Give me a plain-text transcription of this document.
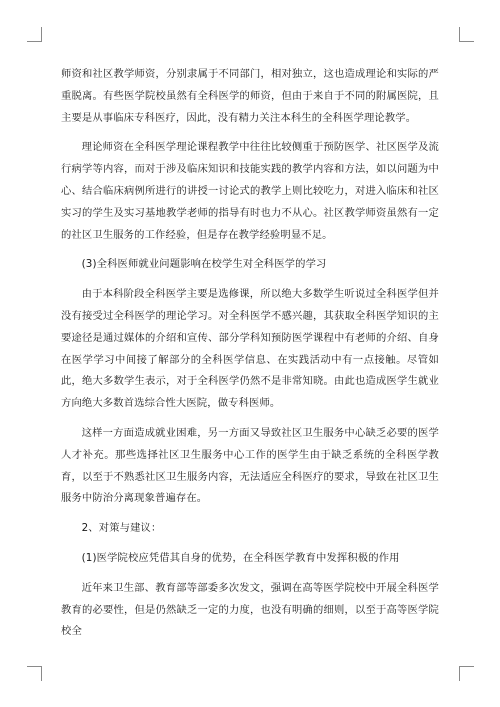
师资和社区教学师资，分别隶属于不同部门，相对独立，这也造成理论和实际的严重脱离。有些医学院校虽然有全科医学的师资，但由于来自于不同的附属医院，且主要是从事临床专科医疗，因此，没有精力关注本科生的全科医学理论教学。

理论师资在全科医学理论课程教学中往往比较侧重于预防医学、社区医学及流行病学等内容，而对于涉及临床知识和技能实践的教学内容和方法，如以问题为中心、结合临床病例所进行的讲授一讨论式的教学上则比较吃力，对进入临床和社区实习的学生及实习基地教学老师的指导有时也力不从心。社区教学师资虽然有一定的社区卫生服务的工作经验，但是存在教学经验明显不足。

(3)全科医师就业问题影响在校学生对全科医学的学习

由于本科阶段全科医学主要是选修课，所以绝大多数学生听说过全科医学但并没有接受过全科医学的理论学习。对全科医学不感兴趣，其获取全科医学知识的主要途径是通过媒体的介绍和宣传、部分学科知预防医学课程中有老师的介绍、自身在医学学习中间接了解部分的全科医学信息、在实践活动中有一点接触。尽管如此，绝大多数学生表示，对于全科医学仍然不是非常知晓。由此也造成医学生就业方向绝大多数首选综合性大医院，做专科医师。

这样一方面造成就业困难，另一方面又导致社区卫生服务中心缺乏必要的医学人才补充。那些选择社区卫生服务中心工作的医学生由于缺乏系统的全科医学教育，以至于不熟悉社区卫生服务内容，无法适应全科医疗的要求，导致在社区卫生服务中防治分离现象普遍存在。

2、对策与建议：

(1)医学院校应凭借其自身的优势，在全科医学教育中发挥积极的作用

近年来卫生部、教育部等部委多次发文，强调在高等医学院校中开展全科医学教育的必要性，但是仍然缺乏一定的力度，也没有明确的细则，以至于高等医学院校全
